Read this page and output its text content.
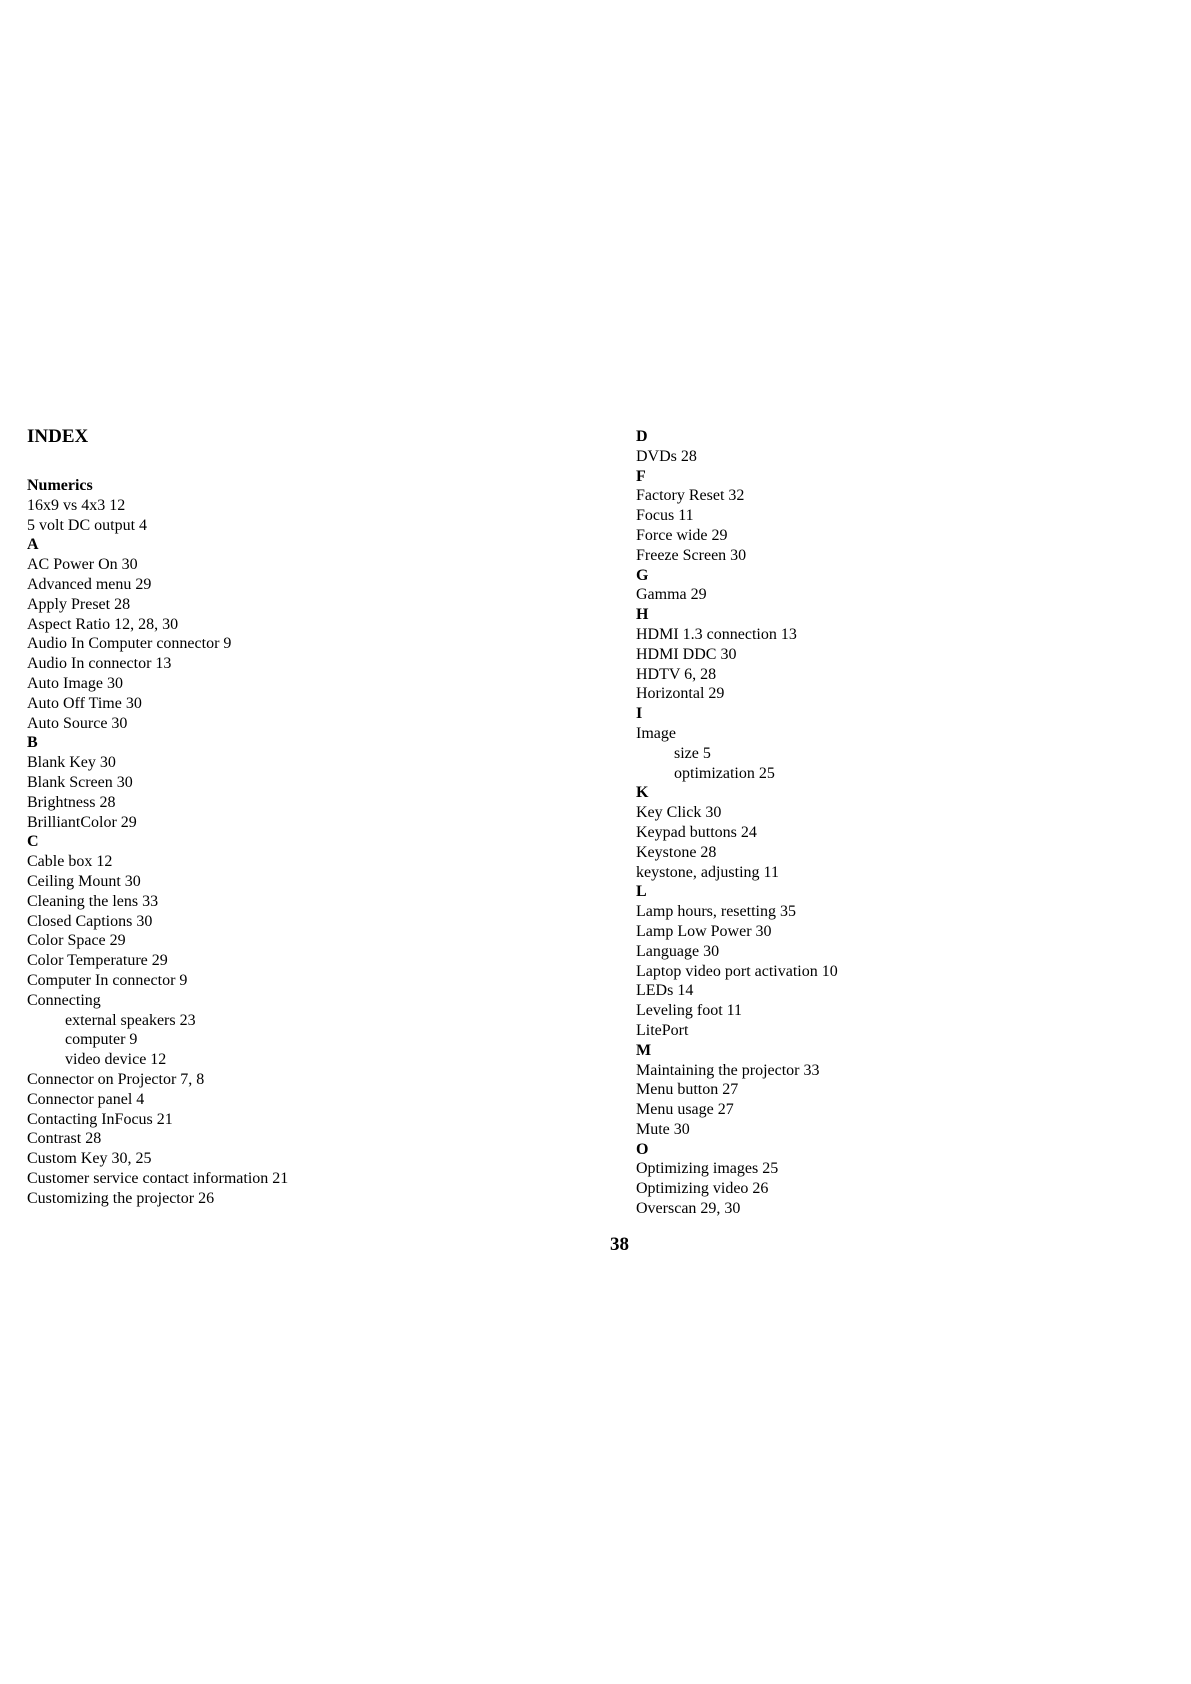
INDEX
Numerics
16x9 vs 4x3 12
5 volt DC output 4
A
AC Power On 30
Advanced menu 29
Apply Preset 28
Aspect Ratio 12, 28, 30
Audio In Computer connector 9
Audio In connector 13
Auto Image 30
Auto Off Time 30
Auto Source 30
B
Blank Key 30
Blank Screen 30
Brightness 28
BrilliantColor 29
C
Cable box 12
Ceiling Mount 30
Cleaning the lens 33
Closed Captions 30
Color Space 29
Color Temperature 29
Computer In connector 9
Connecting
external speakers 23
computer 9
video device 12
Connector on Projector 7, 8
Connector panel 4
Contacting InFocus 21
Contrast 28
Custom Key 30, 25
Customer service contact information 21
Customizing the projector 26
D
DVDs 28
F
Factory Reset 32
Focus 11
Force wide 29
Freeze Screen 30
G
Gamma 29
H
HDMI 1.3 connection 13
HDMI DDC 30
HDTV 6, 28
Horizontal 29
I
Image
size 5
optimization 25
K
Key Click 30
Keypad buttons 24
Keystone 28
keystone, adjusting 11
L
Lamp hours, resetting 35
Lamp Low Power 30
Language 30
Laptop video port activation 10
LEDs 14
Leveling foot 11
LitePort
M
Maintaining the projector 33
Menu button 27
Menu usage 27
Mute 30
O
Optimizing images 25
Optimizing video 26
Overscan 29, 30
38
